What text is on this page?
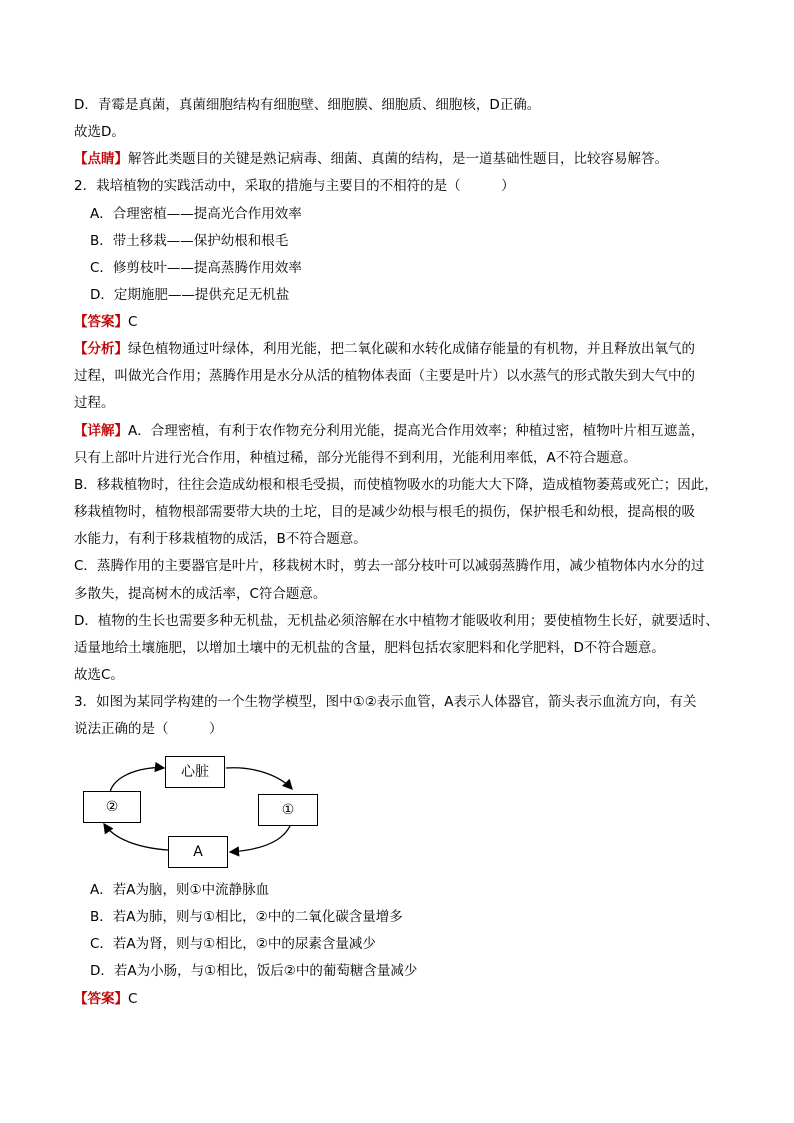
D．青霉是真菌，真菌细胞结构有细胞壁、细胞膜、细胞质、细胞核，D正确。
故选D。
【点睛】解答此类题目的关键是熟记病毒、细菌、真菌的结构，是一道基础性题目，比较容易解答。
2．栽培植物的实践活动中，采取的措施与主要目的不相符的是（　　　）
A．合理密植——提高光合作用效率
B．带土移栽——保护幼根和根毛
C．修剪枝叶——提高蒸腾作用效率
D．定期施肥——提供充足无机盐
【答案】C
【分析】绿色植物通过叶绿体，利用光能，把二氧化碳和水转化成储存能量的有机物，并且释放出氧气的
过程，叫做光合作用；蒸腾作用是水分从活的植物体表面（主要是叶片）以水蒸气的形式散失到大气中的
过程。
【详解】A．合理密植，有利于农作物充分利用光能，提高光合作用效率；种植过密，植物叶片相互遮盖，
只有上部叶片进行光合作用，种植过稀，部分光能得不到利用，光能利用率低，A不符合题意。
B．移栽植物时，往往会造成幼根和根毛受损，而使植物吸水的功能大大下降，造成植物萎蔫或死亡；因此，
移栽植物时，植物根部需要带大块的土坨，目的是减少幼根与根毛的损伤，保护根毛和幼根，提高根的吸
水能力，有利于移栽植物的成活，B不符合题意。
C．蒸腾作用的主要器官是叶片，移栽树木时，剪去一部分枝叶可以减弱蒸腾作用，减少植物体内水分的过
多散失，提高树木的成活率，C符合题意。
D．植物的生长也需要多种无机盐，无机盐必须溶解在水中植物才能吸收利用；要使植物生长好，就要适时、
适量地给土壤施肥，以增加土壤中的无机盐的含量，肥料包括农家肥料和化学肥料，D不符合题意。
故选C。
3．如图为某同学构建的一个生物学模型，图中①②表示血管，A表示人体器官，箭头表示血流方向，有关
说法正确的是（　　　）
心脏
①
②
A
A．若A为脑，则①中流静脉血
B．若A为肺，则与①相比，②中的二氧化碳含量增多
C．若A为肾，则与①相比，②中的尿素含量减少
D．若A为小肠，与①相比，饭后②中的葡萄糖含量减少
【答案】C
